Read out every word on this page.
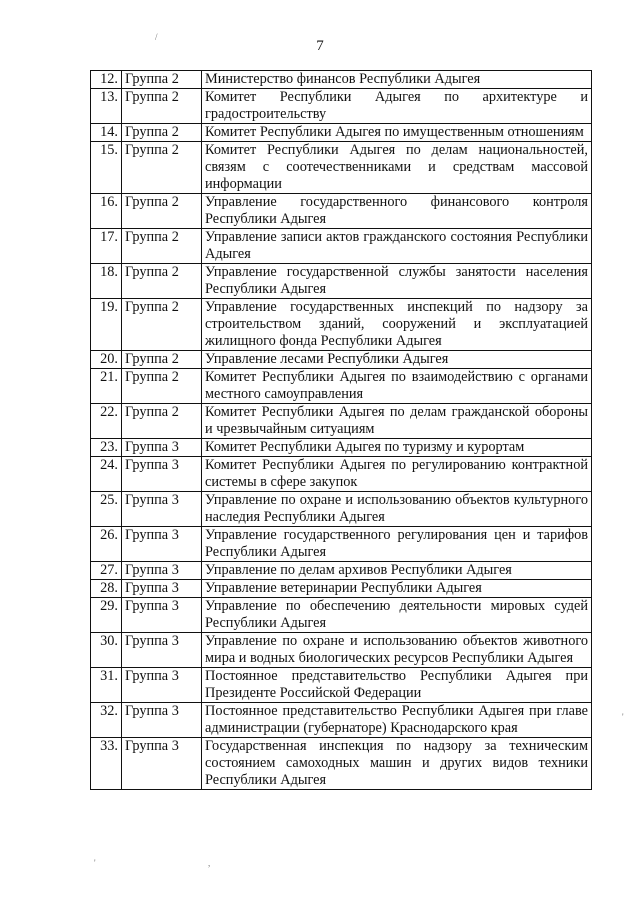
7
12.	Группа 2	Министерство финансов Республики Адыгея
13.	Группа 2	Комитет Республики Адыгея по архитектуре и градостроительству
14.	Группа 2	Комитет Республики Адыгея по имущественным отношениям
15.	Группа 2	Комитет Республики Адыгея по делам национальностей, связям с соотечественниками и средствам массовой информации
16.	Группа 2	Управление государственного финансового контроля Республики Адыгея
17.	Группа 2	Управление записи актов гражданского состояния Республики Адыгея
18.	Группа 2	Управление государственной службы занятости населения Республики Адыгея
19.	Группа 2	Управление государственных инспекций по надзору за строительством зданий, сооружений и эксплуатацией жилищного фонда Республики Адыгея
20.	Группа 2	Управление лесами Республики Адыгея
21.	Группа 2	Комитет Республики Адыгея по взаимодействию с органами местного самоуправления
22.	Группа 2	Комитет Республики Адыгея по делам гражданской обороны и чрезвычайным ситуациям
23.	Группа 3	Комитет Республики Адыгея по туризму и курортам
24.	Группа 3	Комитет Республики Адыгея по регулированию контрактной системы в сфере закупок
25.	Группа 3	Управление по охране и использованию объектов культурного наследия Республики Адыгея
26.	Группа 3	Управление государственного регулирования цен и тарифов Республики Адыгея
27.	Группа 3	Управление по делам архивов Республики Адыгея
28.	Группа 3	Управление ветеринарии Республики Адыгея
29.	Группа 3	Управление по обеспечению деятельности мировых судей Республики Адыгея
30.	Группа 3	Управление по охране и использованию объектов животного мира и водных биологических ресурсов Республики Адыгея
31.	Группа 3	Постоянное представительство Республики Адыгея при Президенте Российской Федерации
32.	Группа 3	Постоянное представительство Республики Адыгея при главе администрации (губернаторе) Краснодарского края
33.	Группа 3	Государственная инспекция по надзору за техническим состоянием самоходных машин и других видов техники Республики Адыгея
/
'
'	,
